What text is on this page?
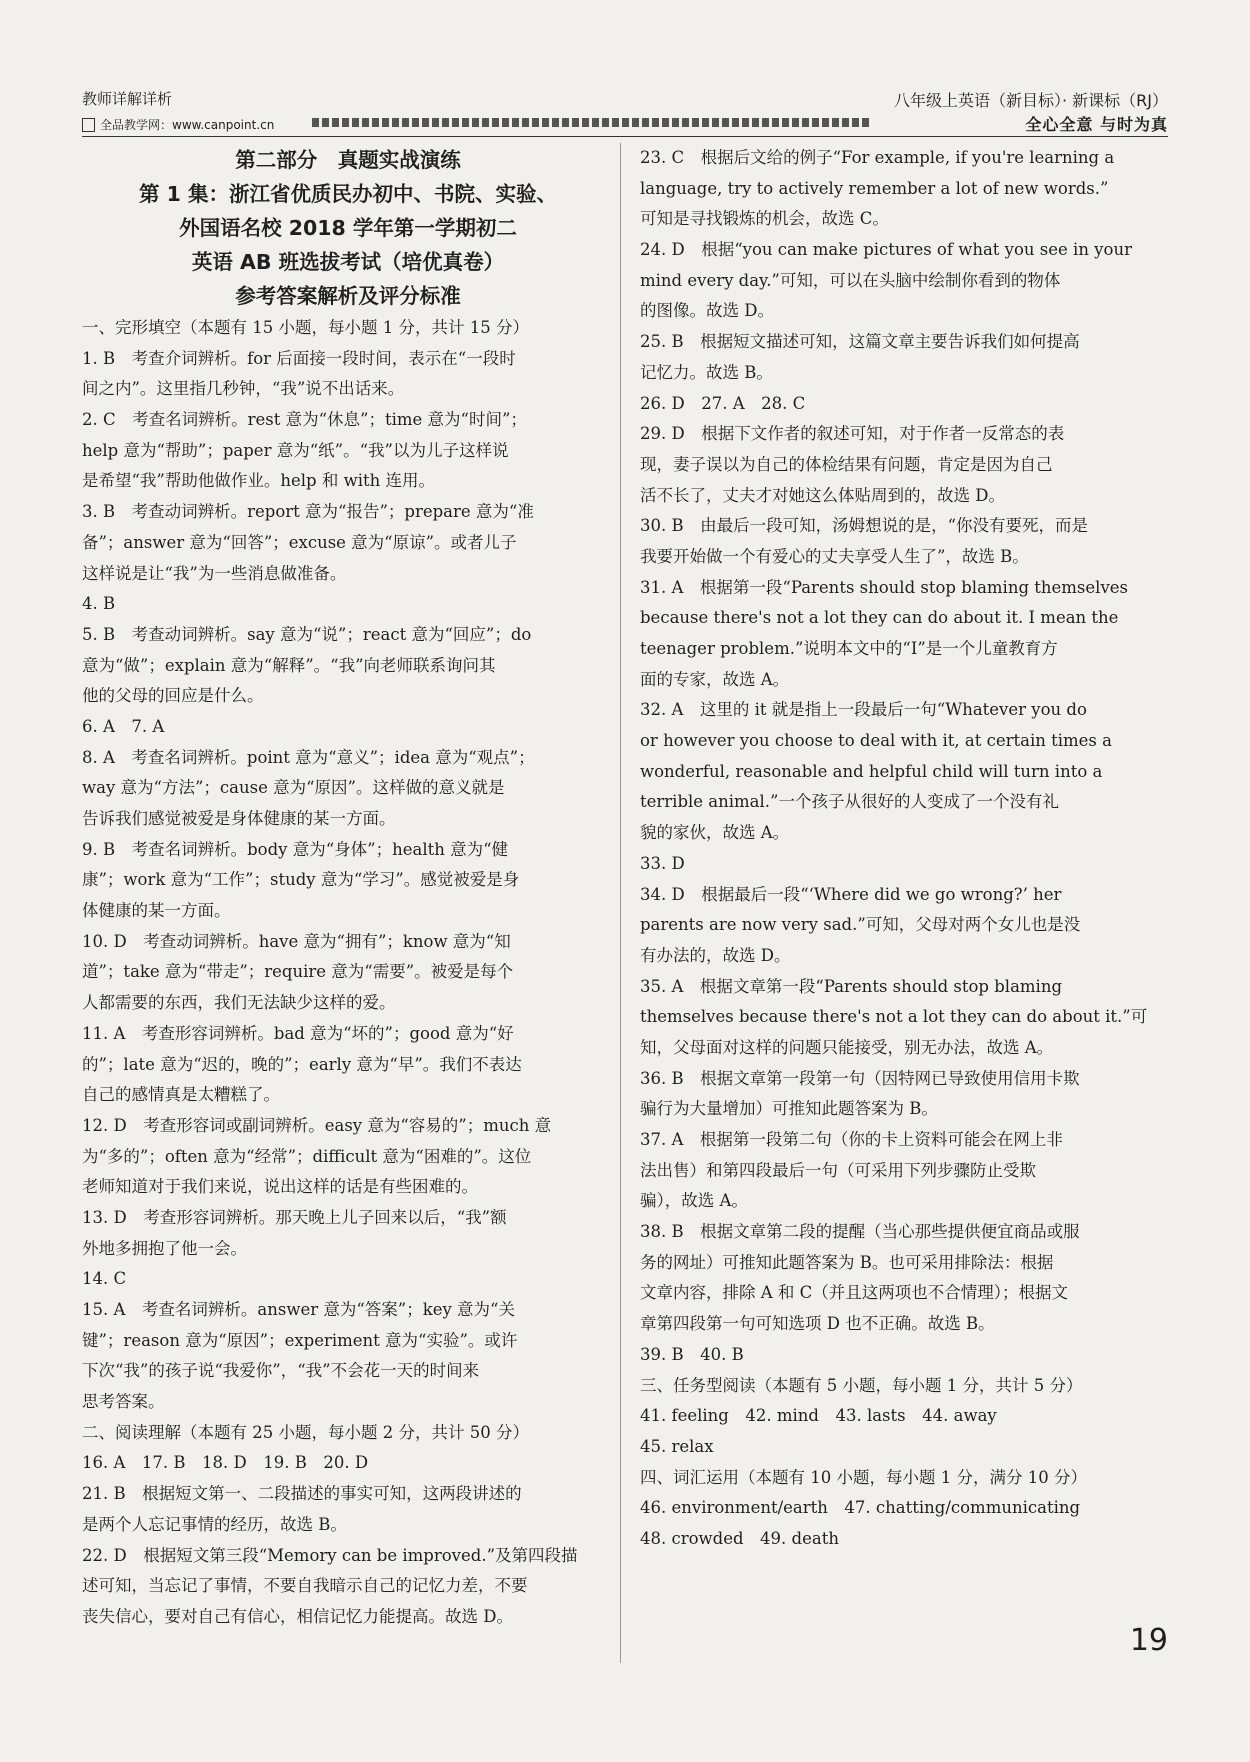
教师详解详析
全品教学网：www.canpoint.cn
八年级上英语（新目标）· 新课标（RJ）
全心全意 与时为真
第二部分　真题实战演练
第 1 集：浙江省优质民办初中、书院、实验、
外国语名校 2018 学年第一学期初二
英语 AB 班选拔考试（培优真卷）
参考答案解析及评分标准
一、完形填空（本题有 15 小题，每小题 1 分，共计 15 分）
1. B　考查介词辨析。for 后面接一段时间，表示在“一段时
间之内”。这里指几秒钟，“我”说不出话来。
2. C　考查名词辨析。rest 意为“休息”；time 意为“时间”；
help 意为“帮助”；paper 意为“纸”。“我”以为儿子这样说
是希望“我”帮助他做作业。help 和 with 连用。
3. B　考查动词辨析。report 意为“报告”；prepare 意为“准
备”；answer 意为“回答”；excuse 意为“原谅”。或者儿子
这样说是让“我”为一些消息做准备。
4. B
5. B　考查动词辨析。say 意为“说”；react 意为“回应”；do
意为“做”；explain 意为“解释”。“我”向老师联系询问其
他的父母的回应是什么。
6. A　7. A
8. A　考查名词辨析。point 意为“意义”；idea 意为“观点”；
way 意为“方法”；cause 意为“原因”。这样做的意义就是
告诉我们感觉被爱是身体健康的某一方面。
9. B　考查名词辨析。body 意为“身体”；health 意为“健
康”；work 意为“工作”；study 意为“学习”。感觉被爱是身
体健康的某一方面。
10. D　考查动词辨析。have 意为“拥有”；know 意为“知
道”；take 意为“带走”；require 意为“需要”。被爱是每个
人都需要的东西，我们无法缺少这样的爱。
11. A　考查形容词辨析。bad 意为“坏的”；good 意为“好
的”；late 意为“迟的，晚的”；early 意为“早”。我们不表达
自己的感情真是太糟糕了。
12. D　考查形容词或副词辨析。easy 意为“容易的”；much 意
为“多的”；often 意为“经常”；difficult 意为“困难的”。这位
老师知道对于我们来说，说出这样的话是有些困难的。
13. D　考查形容词辨析。那天晚上儿子回来以后，“我”额
外地多拥抱了他一会。
14. C
15. A　考查名词辨析。answer 意为“答案”；key 意为“关
键”；reason 意为“原因”；experiment 意为“实验”。或许
下次“我”的孩子说“我爱你”，“我”不会花一天的时间来
思考答案。
二、阅读理解（本题有 25 小题，每小题 2 分，共计 50 分）
16. A　17. B　18. D　19. B　20. D
21. B　根据短文第一、二段描述的事实可知，这两段讲述的
是两个人忘记事情的经历，故选 B。
22. D　根据短文第三段“Memory can be improved.”及第四段描
述可知，当忘记了事情，不要自我暗示自己的记忆力差，不要
丧失信心，要对自己有信心，相信记忆力能提高。故选 D。
23. C　根据后文给的例子“For example, if you're learning a
language, try to actively remember a lot of new words.”
可知是寻找锻炼的机会，故选 C。
24. D　根据“you can make pictures of what you see in your
mind every day.”可知，可以在头脑中绘制你看到的物体
的图像。故选 D。
25. B　根据短文描述可知，这篇文章主要告诉我们如何提高
记忆力。故选 B。
26. D　27. A　28. C
29. D　根据下文作者的叙述可知，对于作者一反常态的表
现，妻子误以为自己的体检结果有问题，肯定是因为自己
活不长了，丈夫才对她这么体贴周到的，故选 D。
30. B　由最后一段可知，汤姆想说的是，“你没有要死，而是
我要开始做一个有爱心的丈夫享受人生了”，故选 B。
31. A　根据第一段“Parents should stop blaming themselves
because there's not a lot they can do about it. I mean the
teenager problem.”说明本文中的“I”是一个儿童教育方
面的专家，故选 A。
32. A　这里的 it 就是指上一段最后一句“Whatever you do
or however you choose to deal with it, at certain times a
wonderful, reasonable and helpful child will turn into a
terrible animal.”一个孩子从很好的人变成了一个没有礼
貌的家伙，故选 A。
33. D
34. D　根据最后一段“‘Where did we go wrong?’ her
parents are now very sad.”可知，父母对两个女儿也是没
有办法的，故选 D。
35. A　根据文章第一段“Parents should stop blaming
themselves because there's not a lot they can do about it.”可
知，父母面对这样的问题只能接受，别无办法，故选 A。
36. B　根据文章第一段第一句（因特网已导致使用信用卡欺
骗行为大量增加）可推知此题答案为 B。
37. A　根据第一段第二句（你的卡上资料可能会在网上非
法出售）和第四段最后一句（可采用下列步骤防止受欺
骗），故选 A。
38. B　根据文章第二段的提醒（当心那些提供便宜商品或服
务的网址）可推知此题答案为 B。也可采用排除法：根据
文章内容，排除 A 和 C（并且这两项也不合情理）；根据文
章第四段第一句可知选项 D 也不正确。故选 B。
39. B　40. B
三、任务型阅读（本题有 5 小题，每小题 1 分，共计 5 分）
41. feeling　42. mind　43. lasts　44. away
45. relax
四、词汇运用（本题有 10 小题，每小题 1 分，满分 10 分）
46. environment/earth　47. chatting/communicating
48. crowded　49. death
19
